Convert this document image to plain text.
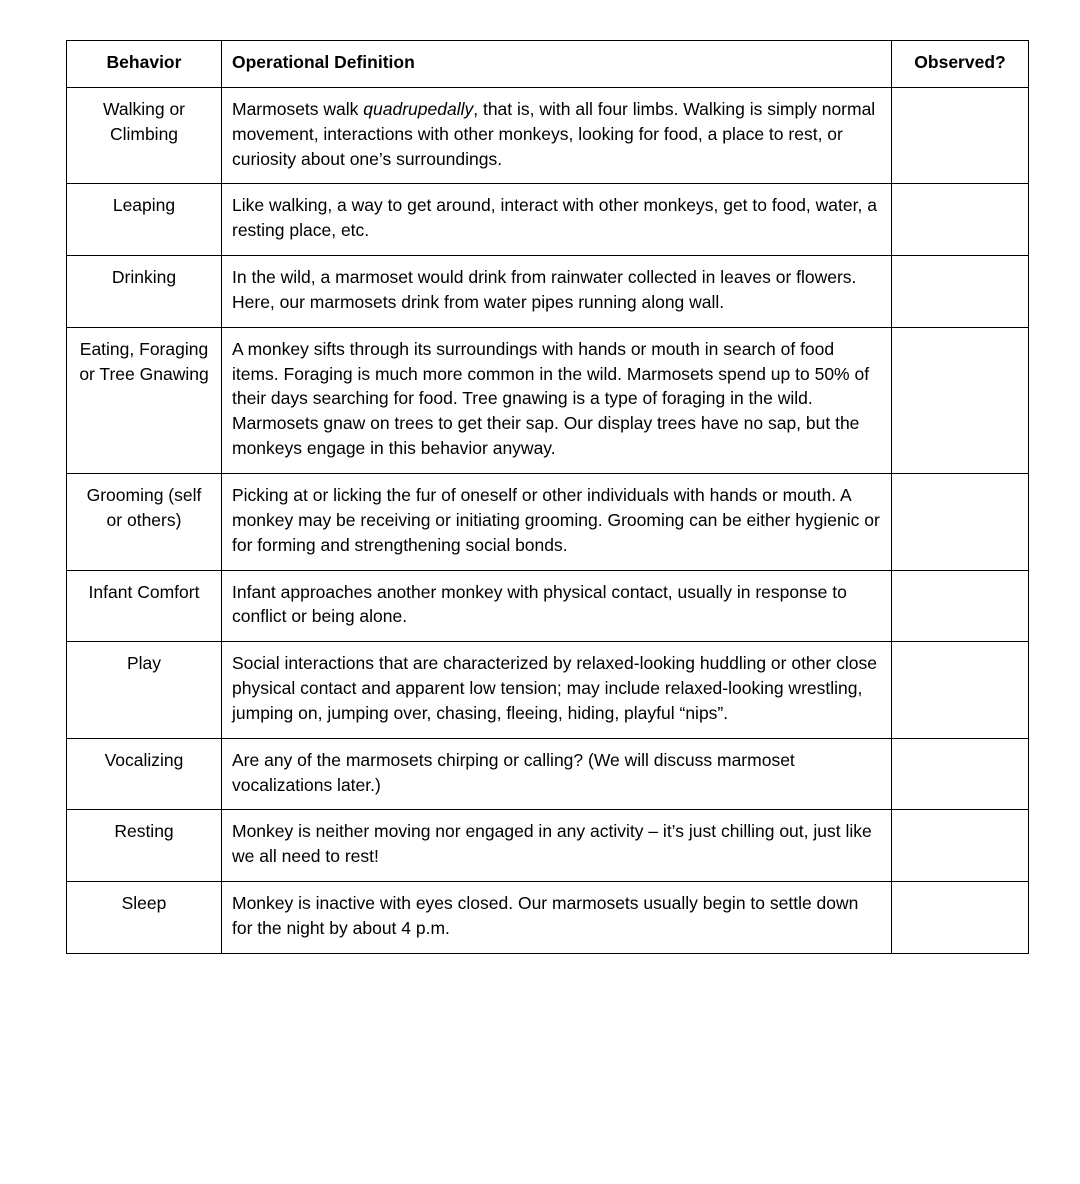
Behavior	Operational Definition	Observed?
Walking or Climbing	Marmosets walk quadrupedally, that is, with all four limbs. Walking is simply normal movement, interactions with other monkeys, looking for food, a place to rest, or curiosity about one’s surroundings.	
Leaping	Like walking, a way to get around, interact with other monkeys, get to food, water, a resting place, etc.	
Drinking	In the wild, a marmoset would drink from rainwater collected in leaves or flowers. Here, our marmosets drink from water pipes running along wall.	
Eating, Foraging or Tree Gnawing	A monkey sifts through its surroundings with hands or mouth in search of food items. Foraging is much more common in the wild. Marmosets spend up to 50% of their days searching for food. Tree gnawing is a type of foraging in the wild. Marmosets gnaw on trees to get their sap. Our display trees have no sap, but the monkeys engage in this behavior anyway.	
Grooming (self or others)	Picking at or licking the fur of oneself or other individuals with hands or mouth. A monkey may be receiving or initiating grooming. Grooming can be either hygienic or for forming and strengthening social bonds.	
Infant Comfort	Infant approaches another monkey with physical contact, usually in response to conflict or being alone.	
Play	Social interactions that are characterized by relaxed-looking huddling or other close physical contact and apparent low tension; may include relaxed-looking wrestling, jumping on, jumping over, chasing, fleeing, hiding, playful “nips”.	
Vocalizing	Are any of the marmosets chirping or calling? (We will discuss marmoset vocalizations later.)	
Resting	Monkey is neither moving nor engaged in any activity – it’s just chilling out, just like we all need to rest!	
Sleep	Monkey is inactive with eyes closed. Our marmosets usually begin to settle down for the night by about 4 p.m.	
